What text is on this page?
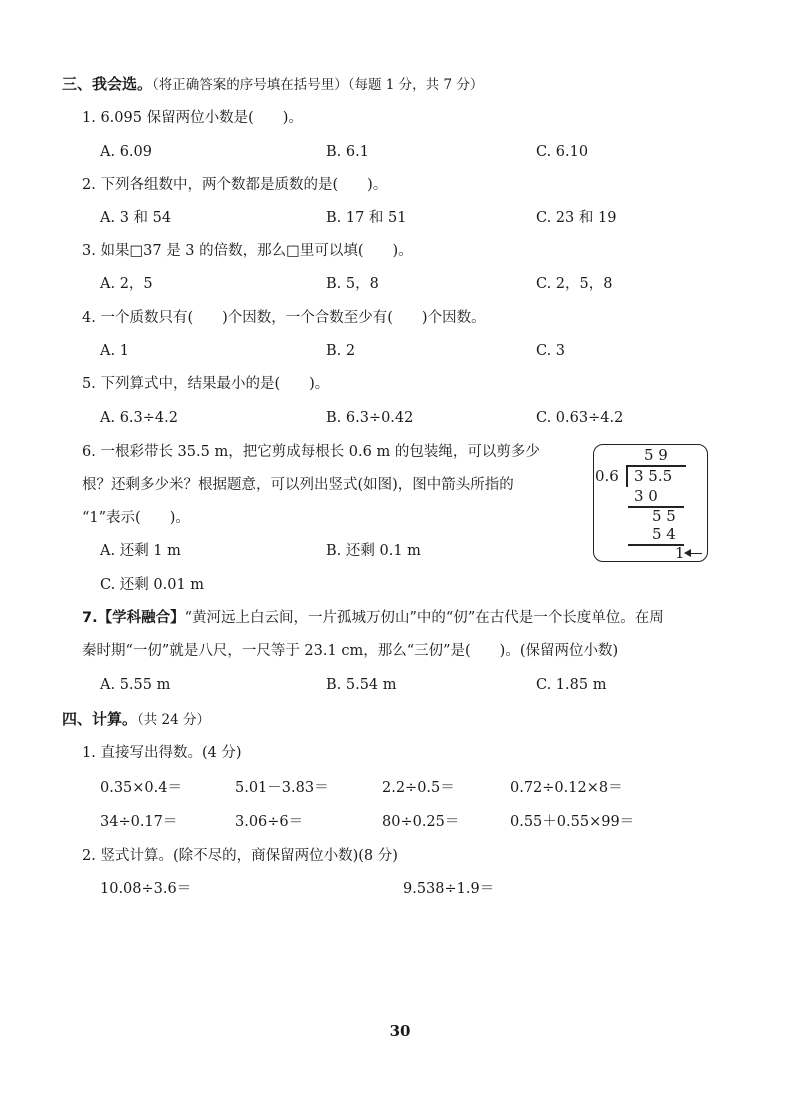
三、我会选。（将正确答案的序号填在括号里）（每题 1 分，共 7 分）
1. 6.095 保留两位小数是(　　)。
A. 6.09	B. 6.1	C. 6.10
2. 下列各组数中，两个数都是质数的是(　　)。
A. 3 和 54	B. 17 和 51	C. 23 和 19
3. 如果□37 是 3 的倍数，那么□里可以填(　　)。
A. 2，5	B. 5，8	C. 2，5，8
4. 一个质数只有(　　)个因数，一个合数至少有(　　)个因数。
A. 1	B. 2	C. 3
5. 下列算式中，结果最小的是(　　)。
A. 6.3÷4.2	B. 6.3÷0.42	C. 0.63÷4.2
6. 一根彩带长 35.5 m，把它剪成每根长 0.6 m 的包装绳，可以剪多少
根？还剩多少米？根据题意，可以列出竖式(如图)，图中箭头所指的
“1”表示(　　)。
A. 还剩 1 m	B. 还剩 0.1 m
C. 还剩 0.01 m
5 9
0.6 3 5.5
3 0
5 5
5 4
1
7.【学科融合】“黄河远上白云间，一片孤城万仞山”中的“仞”在古代是一个长度单位。在周
秦时期“一仞”就是八尺，一尺等于 23.1 cm，那么“三仞”是(　　)。(保留两位小数)
A. 5.55 m	B. 5.54 m	C. 1.85 m
四、计算。（共 24 分）
1. 直接写出得数。(4 分)
0.35×0.4＝	5.01－3.83＝	2.2÷0.5＝	0.72÷0.12×8＝
34÷0.17＝	3.06÷6＝	80÷0.25＝	0.55＋0.55×99＝
2. 竖式计算。(除不尽的，商保留两位小数)(8 分)
10.08÷3.6＝	9.538÷1.9＝
30
